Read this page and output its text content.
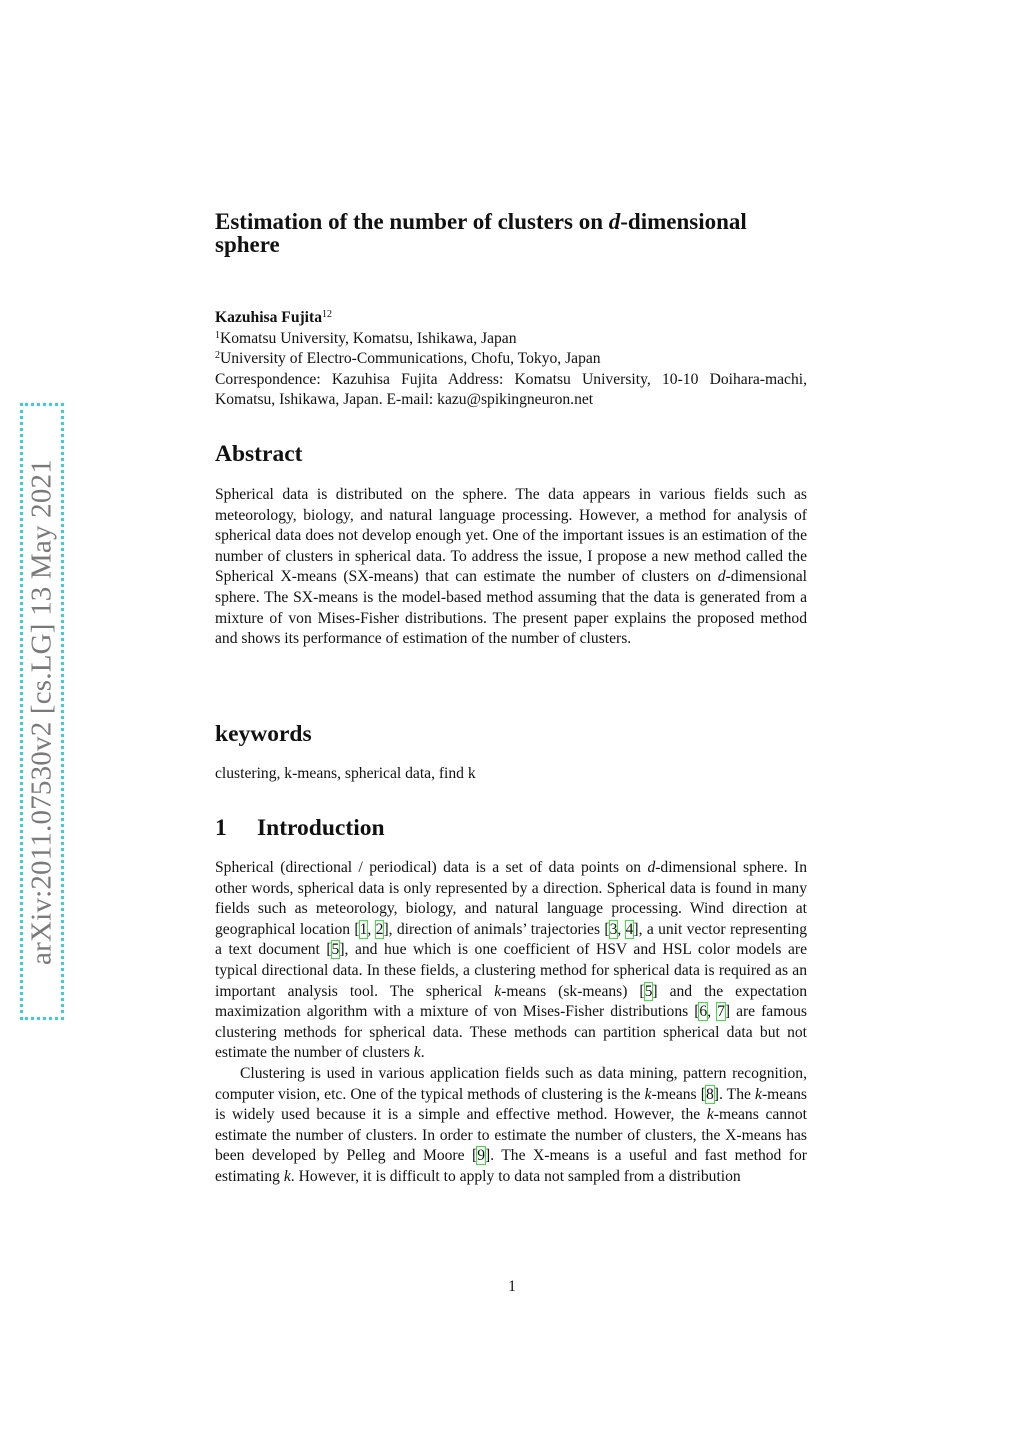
arXiv:2011.07530v2 [cs.LG] 13 May 2021
Estimation of the number of clusters on d-dimensional sphere

Kazuhisa Fujita$^{12}$

$^1$Komatsu University, Komatsu, Ishikawa, Japan

$^2$University of Electro-Communications, Chofu, Tokyo, Japan

Correspondence: Kazuhisa Fujita Address: Komatsu University, 10-10 Doihara-machi, Komatsu, Ishikawa, Japan. E-mail: kazu@spikingneuron.net

Abstract

Spherical data is distributed on the sphere. The data appears in various fields such as meteorology, biology, and natural language processing. However, a method for analysis of spherical data does not develop enough yet. One of the important issues is an estimation of the number of clusters in spherical data. To address the issue, I propose a new method called the Spherical X-means (SX-means) that can estimate the number of clusters on d-dimensional sphere. The SX-means is the model-based method assuming that the data is generated from a mixture of von Mises-Fisher distributions. The present paper explains the proposed method and shows its performance of estimation of the number of clusters.

keywords

clustering, k-means, spherical data, find k

1 Introduction

Spherical (directional / periodical) data is a set of data points on d-dimensional sphere. In other words, spherical data is only represented by a direction. Spherical data is found in many fields such as meteorology, biology, and natural language processing. Wind direction at geographical location [1, 2], direction of animals’ trajectories [3, 4], a unit vector representing a text document [5], and hue which is one coefficient of HSV and HSL color models are typical directional data. In these fields, a clustering method for spherical data is required as an important analysis tool. The spherical k-means (sk-means) [5] and the expectation maximization algorithm with a mixture of von Mises-Fisher distributions [6, 7] are famous clustering methods for spherical data. These methods can partition spherical data but not estimate the number of clusters k.

Clustering is used in various application fields such as data mining, pattern recognition, computer vision, etc. One of the typical methods of clustering is the k-means [8]. The k-means is widely used because it is a simple and effective method. However, the k-means cannot estimate the number of clusters. In order to estimate the number of clusters, the X-means has been developed by Pelleg and Moore [9]. The X-means is a useful and fast method for estimating k. However, it is difficult to apply to data not sampled from a distribution

1
